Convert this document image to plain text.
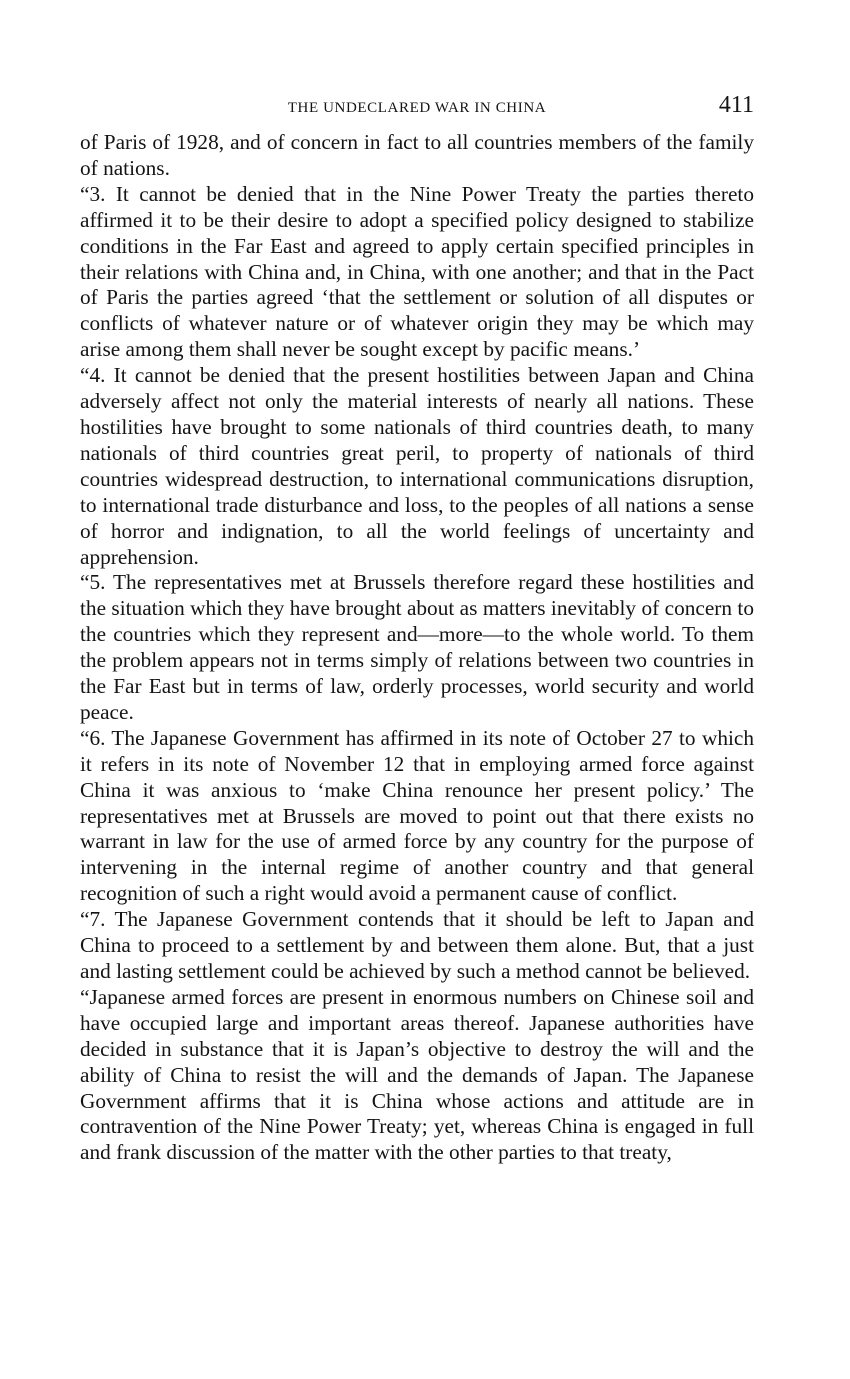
THE UNDECLARED WAR IN CHINA	411

of Paris of 1928, and of concern in fact to all countries members of the family of nations.

“3. It cannot be denied that in the Nine Power Treaty the parties thereto affirmed it to be their desire to adopt a specified policy designed to stabilize conditions in the Far East and agreed to apply certain specified principles in their relations with China and, in China, with one another; and that in the Pact of Paris the parties agreed ‘that the settlement or solution of all disputes or conflicts of whatever nature or of whatever origin they may be which may arise among them shall never be sought except by pacific means.’

“4. It cannot be denied that the present hostilities between Japan and China adversely affect not only the material interests of nearly all nations. These hostilities have brought to some nationals of third countries death, to many nationals of third countries great peril, to property of nationals of third countries widespread destruction, to international communications disruption, to international trade disturbance and loss, to the peoples of all nations a sense of horror and indignation, to all the world feelings of uncertainty and apprehension.

“5. The representatives met at Brussels therefore regard these hostilities and the situation which they have brought about as matters inevitably of concern to the countries which they represent and—more—to the whole world. To them the problem appears not in terms simply of relations between two countries in the Far East but in terms of law, orderly processes, world security and world peace.

“6. The Japanese Government has affirmed in its note of October 27 to which it refers in its note of November 12 that in employing armed force against China it was anxious to ‘make China renounce her present policy.’ The representatives met at Brussels are moved to point out that there exists no warrant in law for the use of armed force by any country for the purpose of intervening in the internal regime of another country and that general recognition of such a right would avoid a permanent cause of conflict.

“7. The Japanese Government contends that it should be left to Japan and China to proceed to a settlement by and between them alone. But, that a just and lasting settlement could be achieved by such a method cannot be believed.

“Japanese armed forces are present in enormous numbers on Chinese soil and have occupied large and important areas thereof. Japanese authorities have decided in substance that it is Japan’s objective to destroy the will and the ability of China to resist the will and the demands of Japan. The Japanese Government affirms that it is China whose actions and attitude are in contravention of the Nine Power Treaty; yet, whereas China is engaged in full and frank discussion of the matter with the other parties to that treaty,
